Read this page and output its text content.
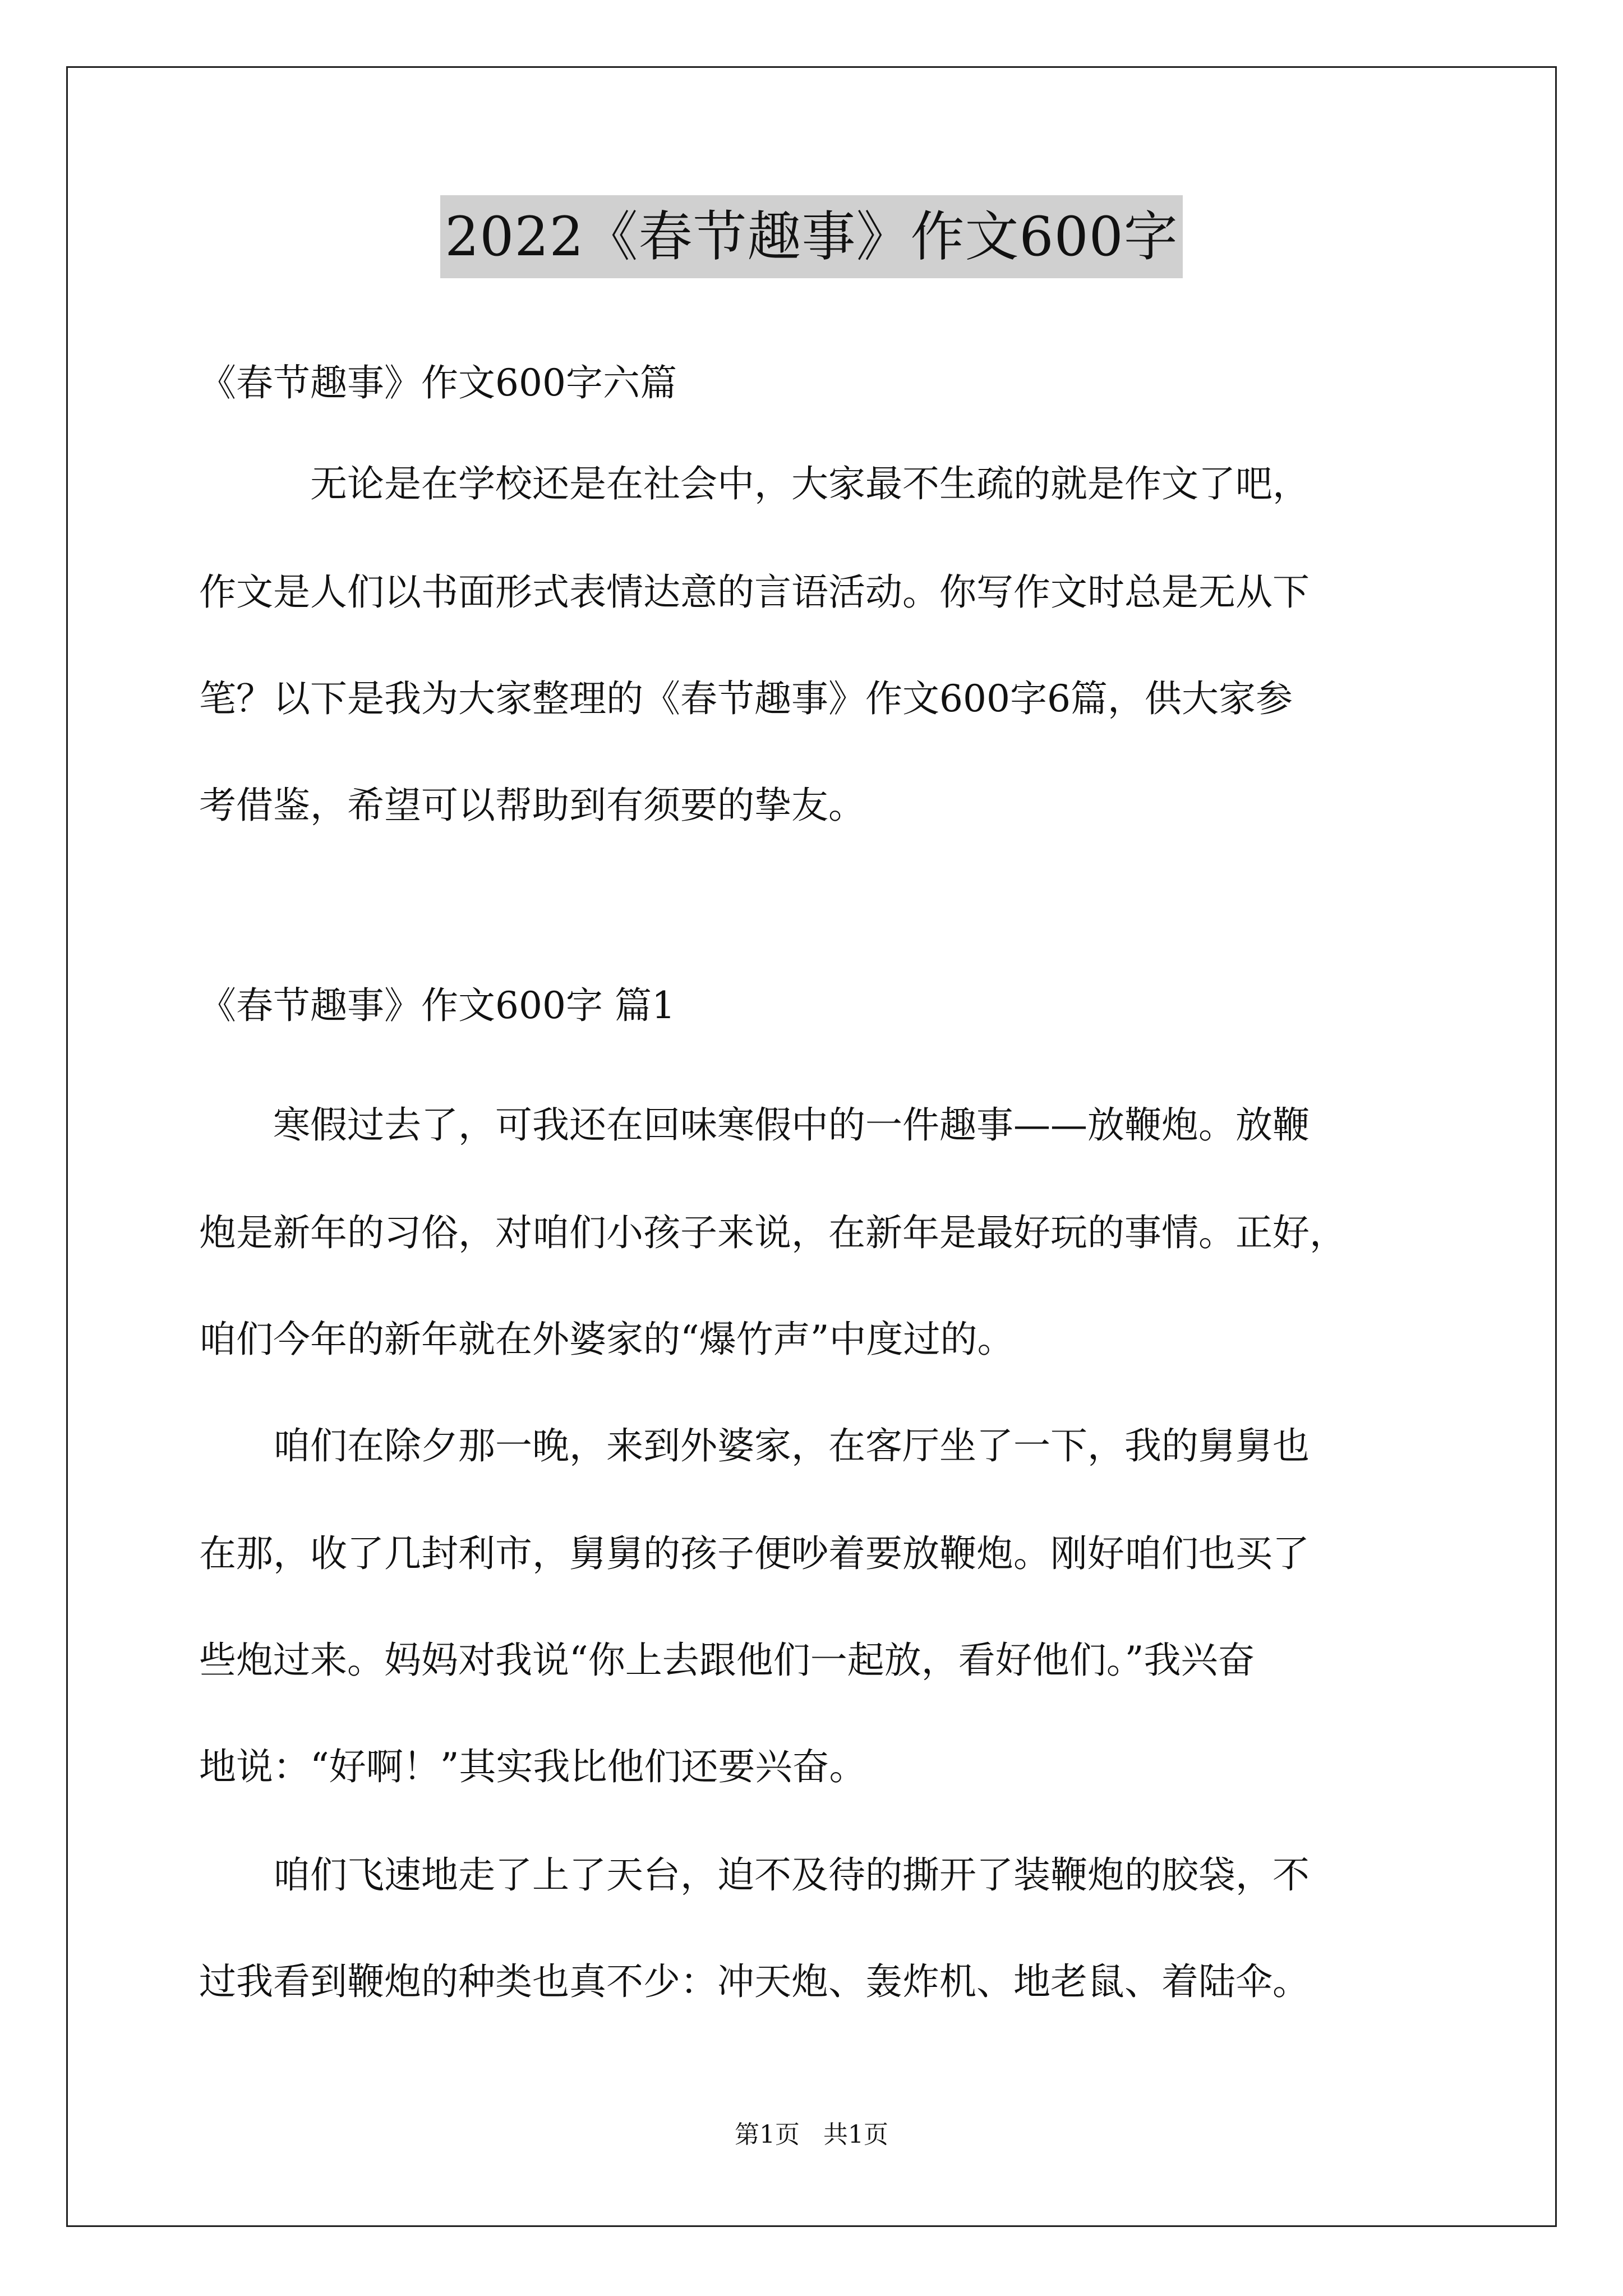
2022《春节趣事》作文600字
《春节趣事》作文600字六篇
　　　无论是在学校还是在社会中，大家最不生疏的就是作文了吧，
作文是人们以书面形式表情达意的言语活动。你写作文时总是无从下
笔？以下是我为大家整理的《春节趣事》作文600字6篇，供大家参
考借鉴，希望可以帮助到有须要的挚友。
《春节趣事》作文600字 篇1
　　寒假过去了，可我还在回味寒假中的一件趣事——放鞭炮。放鞭
炮是新年的习俗，对咱们小孩子来说，在新年是最好玩的事情。正好，
咱们今年的新年就在外婆家的“爆竹声”中度过的。
　　咱们在除夕那一晚，来到外婆家，在客厅坐了一下，我的舅舅也
在那，收了几封利市，舅舅的孩子便吵着要放鞭炮。刚好咱们也买了
些炮过来。妈妈对我说“你上去跟他们一起放，看好他们。”我兴奋
地说：“好啊！”其实我比他们还要兴奋。
　　咱们飞速地走了上了天台，迫不及待的撕开了装鞭炮的胶袋，不
过我看到鞭炮的种类也真不少：冲天炮、轰炸机、地老鼠、着陆伞。
第1页 共1页
